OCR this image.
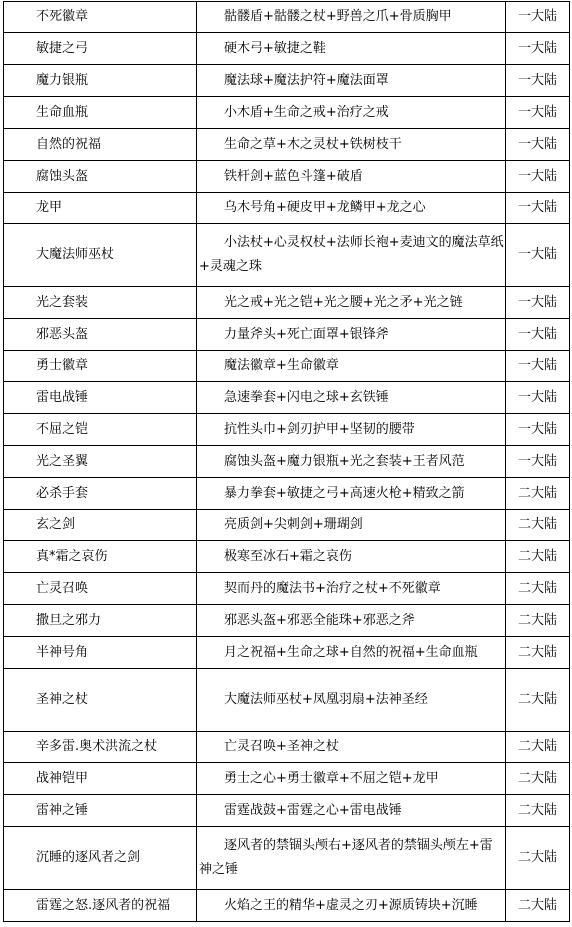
不死徽章	骷髅盾+骷髅之杖+野兽之爪+骨质胸甲	一大陆
敏捷之弓	硬木弓+敏捷之鞋	一大陆
魔力银瓶	魔法球+魔法护符+魔法面罩	一大陆
生命血瓶	小木盾+生命之戒+治疗之戒	一大陆
自然的祝福	生命之草+木之灵杖+铁树枝干	一大陆
腐蚀头盔	铁杆剑+蓝色斗篷+破盾	一大陆
龙甲	乌木号角+硬皮甲+龙鳞甲+龙之心	一大陆
大魔法师巫杖	小法杖+心灵权杖+法师长袍+麦迪文的魔法草纸+灵魂之珠	一大陆
光之套装	光之戒+光之铠+光之腰+光之矛+光之链	一大陆
邪恶头盔	力量斧头+死亡面罩+银锋斧	一大陆
勇士徽章	魔法徽章+生命徽章	一大陆
雷电战锤	急速拳套+闪电之球+玄铁锤	一大陆
不屈之铠	抗性头巾+剑刃护甲+坚韧的腰带	一大陆
光之圣翼	腐蚀头盔+魔力银瓶+光之套装+王者风范	一大陆
必杀手套	暴力拳套+敏捷之弓+高速火枪+精致之箭	二大陆
玄之剑	亮质剑+尖刺剑+珊瑚剑	二大陆
真*霜之哀伤	极寒至冰石+霜之哀伤	二大陆
亡灵召唤	契而丹的魔法书+治疗之杖+不死徽章	二大陆
撒旦之邪力	邪恶头盔+邪恶全能珠+邪恶之斧	二大陆
半神号角	月之祝福+生命之球+自然的祝福+生命血瓶	二大陆
圣神之杖	大魔法师巫杖+凤凰羽扇+法神圣经	二大陆
辛多雷.奥术洪流之杖	亡灵召唤+圣神之杖	二大陆
战神铠甲	勇士之心+勇士徽章+不屈之铠+龙甲	二大陆
雷神之锤	雷霆战鼓+雷霆之心+雷电战锤	二大陆
沉睡的逐风者之剑	逐风者的禁锢头颅右+逐风者的禁锢头颅左+雷神之锤	二大陆
雷霆之怒.逐风者的祝福	火焰之王的精华+虚灵之刃+源质铸块+沉睡	二大陆
